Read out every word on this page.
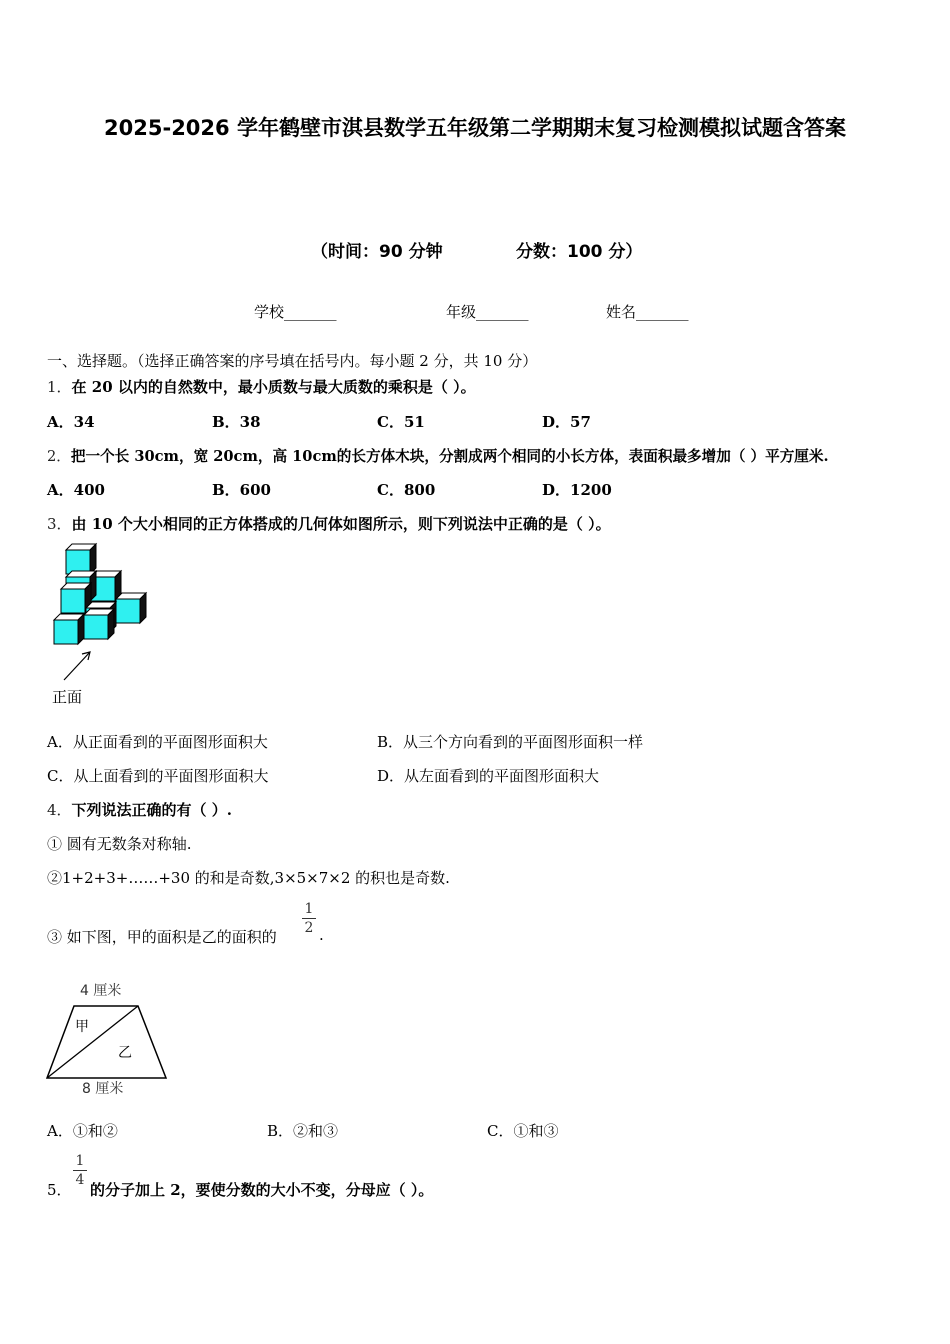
2025-2026 学年鹤壁市淇县数学五年级第二学期期末复习检测模拟试题含答案
（时间：90 分钟	分数：100 分）
学校_______	年级_______	姓名_______
一、选择题。（选择正确答案的序号填在括号内。每小题 2 分，共 10 分）
1．在 20 以内的自然数中，最小质数与最大质数的乘积是（ ）。
A．34	B．38	C．51	D．57
2．把一个长 30cm，宽 20cm，高 10cm的长方体木块，分割成两个相同的小长方体，表面积最多增加（ ）平方厘米.
A．400	B．600	C．800	D．1200
3．由 10 个大小相同的正方体搭成的几何体如图所示，则下列说法中正确的是（ ）。
正面
A．从正面看到的平面图形面积大	B．从三个方向看到的平面图形面积一样
C．从上面看到的平面图形面积大	D．从左面看到的平面图形面积大
4．下列说法正确的有（ ）.
① 圆有无数条对称轴.
②1+2+3+……+30 的和是奇数,3×5×7×2 的积也是奇数.
③ 如下图，甲的面积是乙的面积的
1
2 .
4 厘米
甲
乙
8 厘米
A．①和②	B．②和③	C．①和③
5．
1
4
的分子加上 2，要使分数的大小不变，分母应（ ）。
